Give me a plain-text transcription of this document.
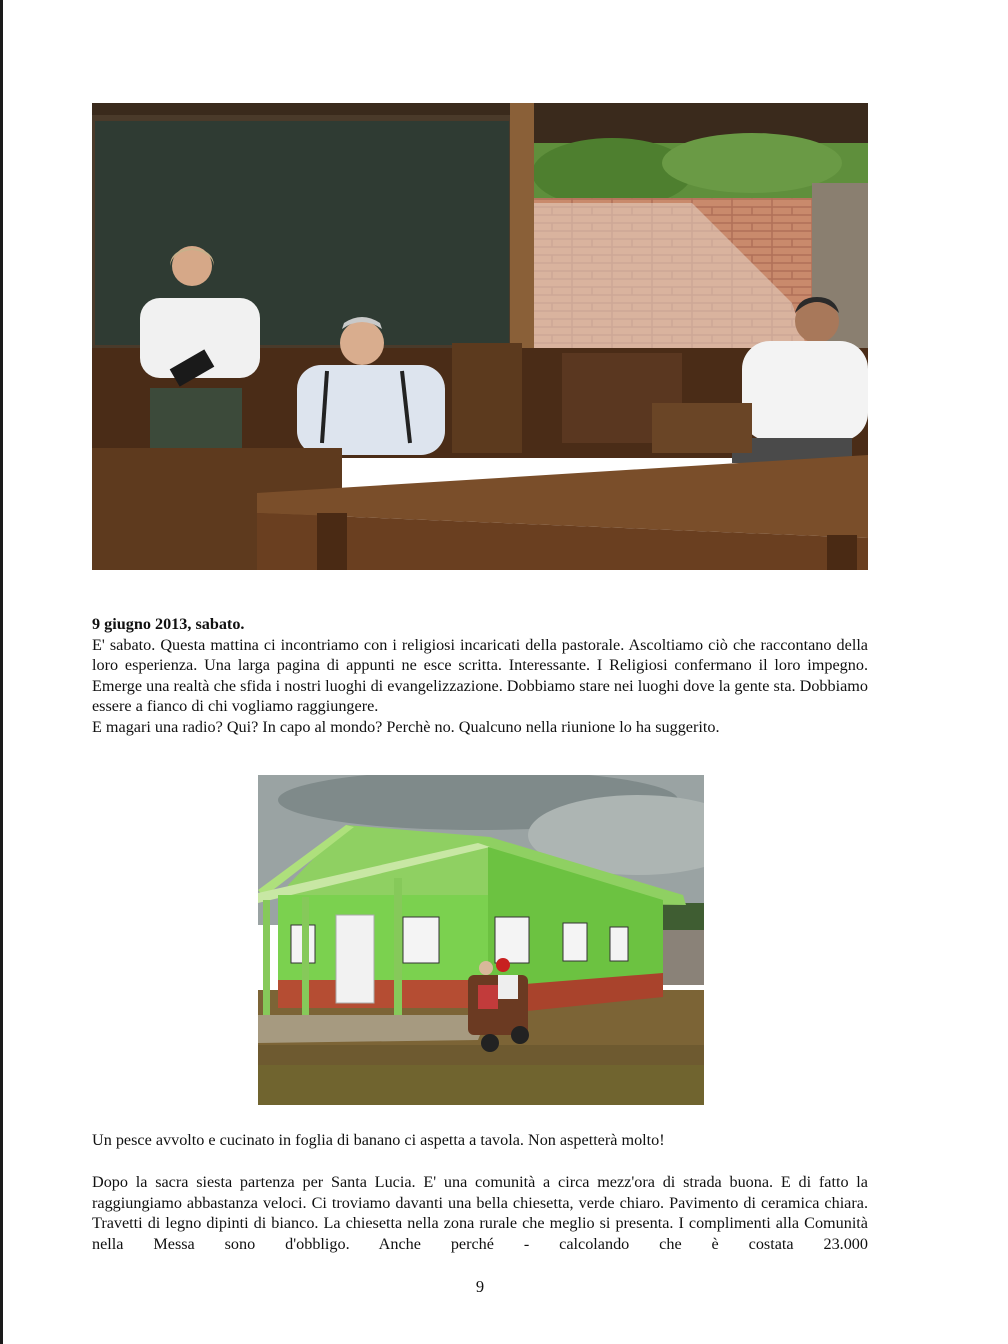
9 giugno 2013, sabato.

E' sabato. Questa mattina ci incontriamo con i religiosi incaricati della pastorale. Ascoltiamo ciò che raccontano della loro esperienza. Una larga pagina di appunti ne esce scritta. Interessante. I Religiosi confermano il loro impegno. Emerge una realtà che sfida i nostri luoghi di evangelizzazione. Dobbiamo stare nei luoghi dove la gente sta. Dobbiamo essere a fianco di chi vogliamo raggiungere.

E magari una radio? Qui? In capo al mondo? Perchè no. Qualcuno nella riunione lo ha suggerito.

Un pesce avvolto e cucinato in foglia di banano ci aspetta a tavola. Non aspetterà molto!

Dopo la sacra siesta partenza per Santa Lucia. E' una comunità a circa mezz'ora di strada buona. E di fatto la raggiungiamo abbastanza veloci. Ci troviamo davanti una bella chiesetta, verde chiaro. Pavimento di ceramica chiara. Travetti di legno dipinti di bianco. La chiesetta nella zona rurale che meglio si presenta. I complimenti alla Comunità nella Messa sono d'obbligo. Anche perché - calcolando che è costata 23.000

9
